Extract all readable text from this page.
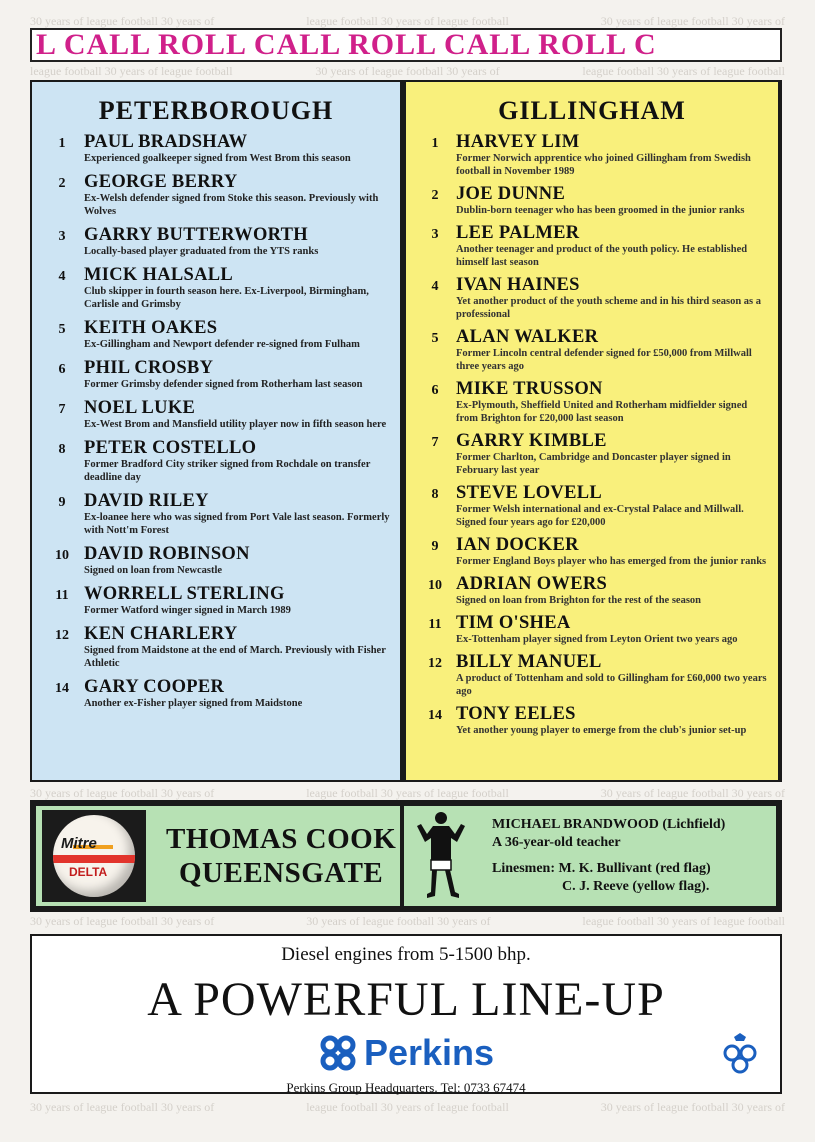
30 years of league football 30 years of	league football 30 years of league football	30 years of league football 30 years of
league football 30 years of league football	30 years of league football 30 years of	league football 30 years of league football
30 years of league football 30 years of	league football 30 years of league football	30 years of league football 30 years of
30 years of league football 30 years of	30 years of league football 30 years of	league football 30 years of league football
30 years of league football 30 years of	league football 30 years of league football	30 years of league football 30 years of
L CALL ROLL CALL ROLL CALL ROLL C
PETERBOROUGH
1	PAUL BRADSHAW
Experienced goalkeeper signed from West Brom this season
2	GEORGE BERRY
Ex-Welsh defender signed from Stoke this season. Previously with Wolves
3	GARRY BUTTERWORTH
Locally-based player graduated from the YTS ranks
4	MICK HALSALL
Club skipper in fourth season here. Ex-Liverpool, Birmingham, Carlisle and Grimsby
5	KEITH OAKES
Ex-Gillingham and Newport defender re-signed from Fulham
6	PHIL CROSBY
Former Grimsby defender signed from Rotherham last season
7	NOEL LUKE
Ex-West Brom and Mansfield utility player now in fifth season here
8	PETER COSTELLO
Former Bradford City striker signed from Rochdale on transfer deadline day
9	DAVID RILEY
Ex-loanee here who was signed from Port Vale last season. Formerly with Nott'm Forest
10 DAVID ROBINSON
Signed on loan from Newcastle
11 WORRELL STERLING
Former Watford winger signed in March 1989
12 KEN CHARLERY
Signed from Maidstone at the end of March. Previously with Fisher Athletic
14 GARY COOPER
Another ex-Fisher player signed from Maidstone
GILLINGHAM
1 HARVEY LIM
Former Norwich apprentice who joined Gillingham from Swedish football in November 1989
2 JOE DUNNE
Dublin-born teenager who has been groomed in the junior ranks
3 LEE PALMER
Another teenager and product of the youth policy. He established himself last season
4 IVAN HAINES
Yet another product of the youth scheme and in his third season as a professional
5 ALAN WALKER
Former Lincoln central defender signed for £50,000 from Millwall three years ago
6 MIKE TRUSSON
Ex-Plymouth, Sheffield United and Rotherham midfielder signed from Brighton for £20,000 last season
7 GARRY KIMBLE
Former Charlton, Cambridge and Doncaster player signed in February last year
8 STEVE LOVELL
Former Welsh international and ex-Crystal Palace and Millwall. Signed four years ago for £20,000
9 IAN DOCKER
Former England Boys player who has emerged from the junior ranks
10 ADRIAN OWERS
Signed on loan from Brighton for the rest of the season
11 TIM O'SHEA
Ex-Tottenham player signed from Leyton Orient two years ago
12 BILLY MANUEL
A product of Tottenham and sold to Gillingham for £60,000 two years ago
14 TONY EELES
Yet another young player to emerge from the club's junior set-up
Mitre
DELTA
THOMAS COOK
QUEENSGATE
MICHAEL BRANDWOOD (Lichfield)
A 36-year-old teacher
Linesmen: M. K. Bullivant (red flag)
C. J. Reeve (yellow flag).
Diesel engines from 5-1500 bhp.
A POWERFUL LINE-UP
Perkins
Perkins Group Headquarters. Tel: 0733 67474
